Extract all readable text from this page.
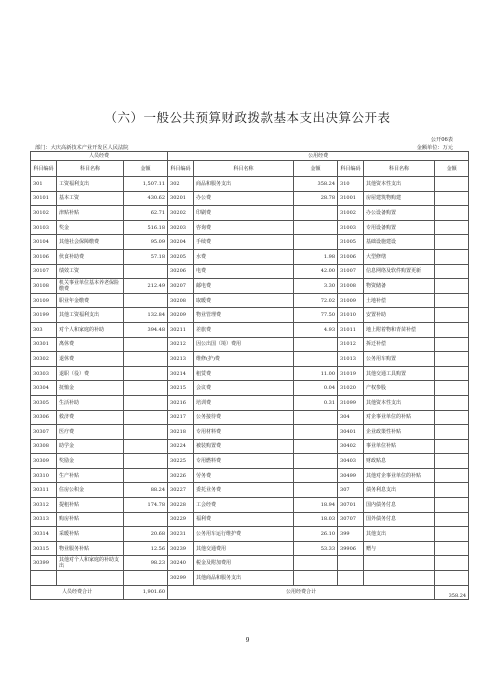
（六）一般公共预算财政拨款基本支出决算公开表
公开06表
部门：大庆高新技术产业开发区人民法院	金额单位：万元
人员经费			公用经费					
科目编码	科目名称	金额	科目编码	科目名称	金额	科目编码	科目名称	金额
301	工资福利支出	1,507.11	302	商品和服务支出	358.24	310	其他资本性支出	
30101	基本工资	430.62	30201	办公费	28.78	31001	房屋建筑物购建	
30102	津贴补贴	62.71	30202	印刷费		31002	办公设备购置	
30103	奖金	516.18	30203	咨询费		31003	专用设备购置	
30104	其他社会保障缴费	95.09	30204	手续费		31005	基础设施建设	
30106	伙食补助费	57.18	30205	水费	1.98	31006	大型修缮	
30107	绩效工资		30206	电费	42.00	31007	信息网络及软件购置更新	
30108	机关事业单位基本养老保险缴费	212.49	30207	邮电费	3.30	31008	物资储备	
30109	职业年金缴费		30208	取暖费	72.02	31009	土地补偿	
30199	其他工资福利支出	132.84	30209	物业管理费	77.50	31010	安置补助	
303	对个人和家庭的补助	394.48	30211	差旅费	4.93	31011	地上附着物和青苗补偿	
30301	离休费		30212	因公出国（境）费用		31012	拆迁补偿	
30302	退休费		30213	维修(护)费		31013	公务用车购置	
30303	退职（役）费		30214	租赁费	11.00	31019	其他交通工具购置	
30304	抚恤金		30215	会议费	0.04	31020	产权参股	
30305	生活补助		30216	培训费	0.31	31099	其他资本性支出	
30306	救济费		30217	公务接待费		304	对企事业单位的补贴	
30307	医疗费		30218	专用材料费		30401	企业政策性补贴	
30308	助学金		30224	被装购置费		30402	事业单位补贴	
30309	奖励金		30225	专用燃料费		30403	财政贴息	
30310	生产补贴		30226	劳务费		30499	其他对企事业单位的补贴	
30311	住房公积金	88.24	30227	委托业务费		307	债务利息支出	
30312	提租补贴	174.78	30228	工会经费	18.94	30701	国内债务付息	
30313	购房补贴		30229	福利费	18.03	30707	国外债务付息	
30314	采暖补贴	20.68	30231	公务用车运行维护费	26.10	399	其他支出	
30315	物业服务补贴	12.56	30239	其他交通费用	53.33	39906	赠与	
30399	其他对个人和家庭的补助支出	98.23	30240	税金及附加费用				
			30299	其他商品和服务支出				
人员经费合计		1,901.60	公用经费合计					358.24
9
